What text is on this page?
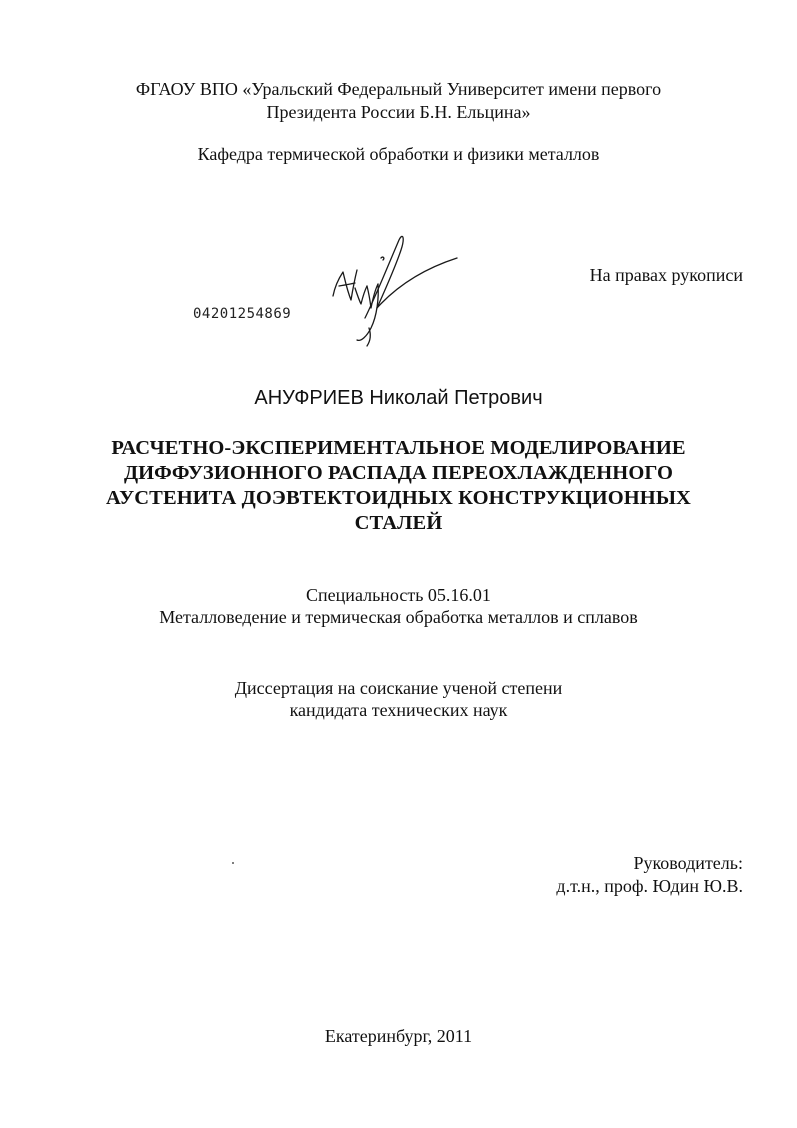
ФГАОУ ВПО «Уральский Федеральный Университет имени первого
Президента России Б.Н. Ельцина»
Кафедра термической обработки и физики металлов
На правах рукописи
04201254869
АНУФРИЕВ Николай Петрович
РАСЧЕТНО-ЭКСПЕРИМЕНТАЛЬНОЕ МОДЕЛИРОВАНИЕ
ДИФФУЗИОННОГО РАСПАДА ПЕРЕОХЛАЖДЕННОГО
АУСТЕНИТА ДОЭВТЕКТОИДНЫХ КОНСТРУКЦИОННЫХ
СТАЛЕЙ
Специальность 05.16.01
Металловедение и термическая обработка металлов и сплавов
Диссертация на соискание ученой степени
кандидата технических наук
Руководитель:
д.т.н., проф. Юдин Ю.В.
Екатеринбург, 2011
